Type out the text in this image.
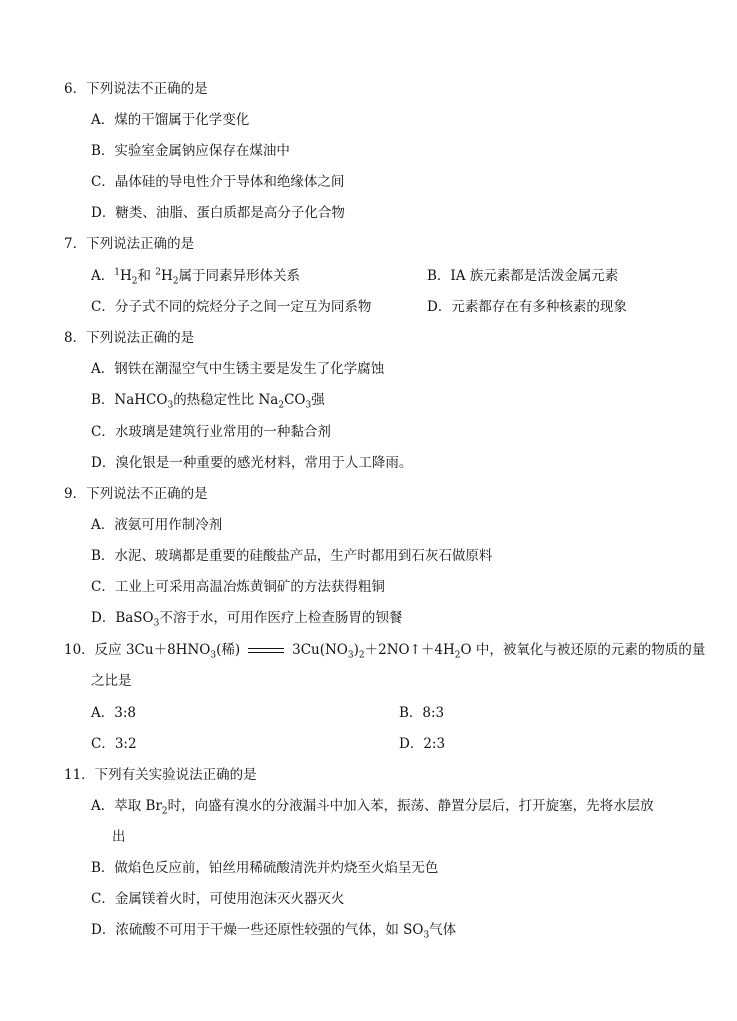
6．下列说法不正确的是
A．煤的干馏属于化学变化
B．实验室金属钠应保存在煤油中
C．晶体硅的导电性介于导体和绝缘体之间
D．糖类、油脂、蛋白质都是高分子化合物
7．下列说法正确的是
A．$^1H_2$和 $^2H_2$属于同素异形体关系	B．IA 族元素都是活泼金属元素
C．分子式不同的烷烃分子之间一定互为同系物	D．元素都存在有多种核素的现象
8．下列说法正确的是
A．钢铁在潮湿空气中生锈主要是发生了化学腐蚀
B．NaHCO$_3$的热稳定性比 $Na_2CO_3$强
C．水玻璃是建筑行业常用的一种黏合剂
D．溴化银是一种重要的感光材料，常用于人工降雨。
9．下列说法不正确的是
A．液氨可用作制冷剂
B．水泥、玻璃都是重要的硅酸盐产品，生产时都用到石灰石做原料
C．工业上可采用高温冶炼黄铜矿的方法获得粗铜
D．BaSO$_3$不溶于水，可用作医疗上检查肠胃的钡餐
10．反应 $3Cu+8HNO_3$(稀)	$3Cu(NO_3)_2+2NO↑+4H_2O$ 中，被氧化与被还原的元素的物质的量
之比是
A．3:8	B．8:3
C．3:2	D．2:3
11．下列有关实验说法正确的是
A．萃取 $Br_2$时，向盛有溴水的分液漏斗中加入苯，振荡、静置分层后，打开旋塞，先将水层放
出
B．做焰色反应前，铂丝用稀硫酸清洗并灼烧至火焰呈无色
C．金属镁着火时，可使用泡沫灭火器灭火
D．浓硫酸不可用于干燥一些还原性较强的气体，如 $SO_3$气体
